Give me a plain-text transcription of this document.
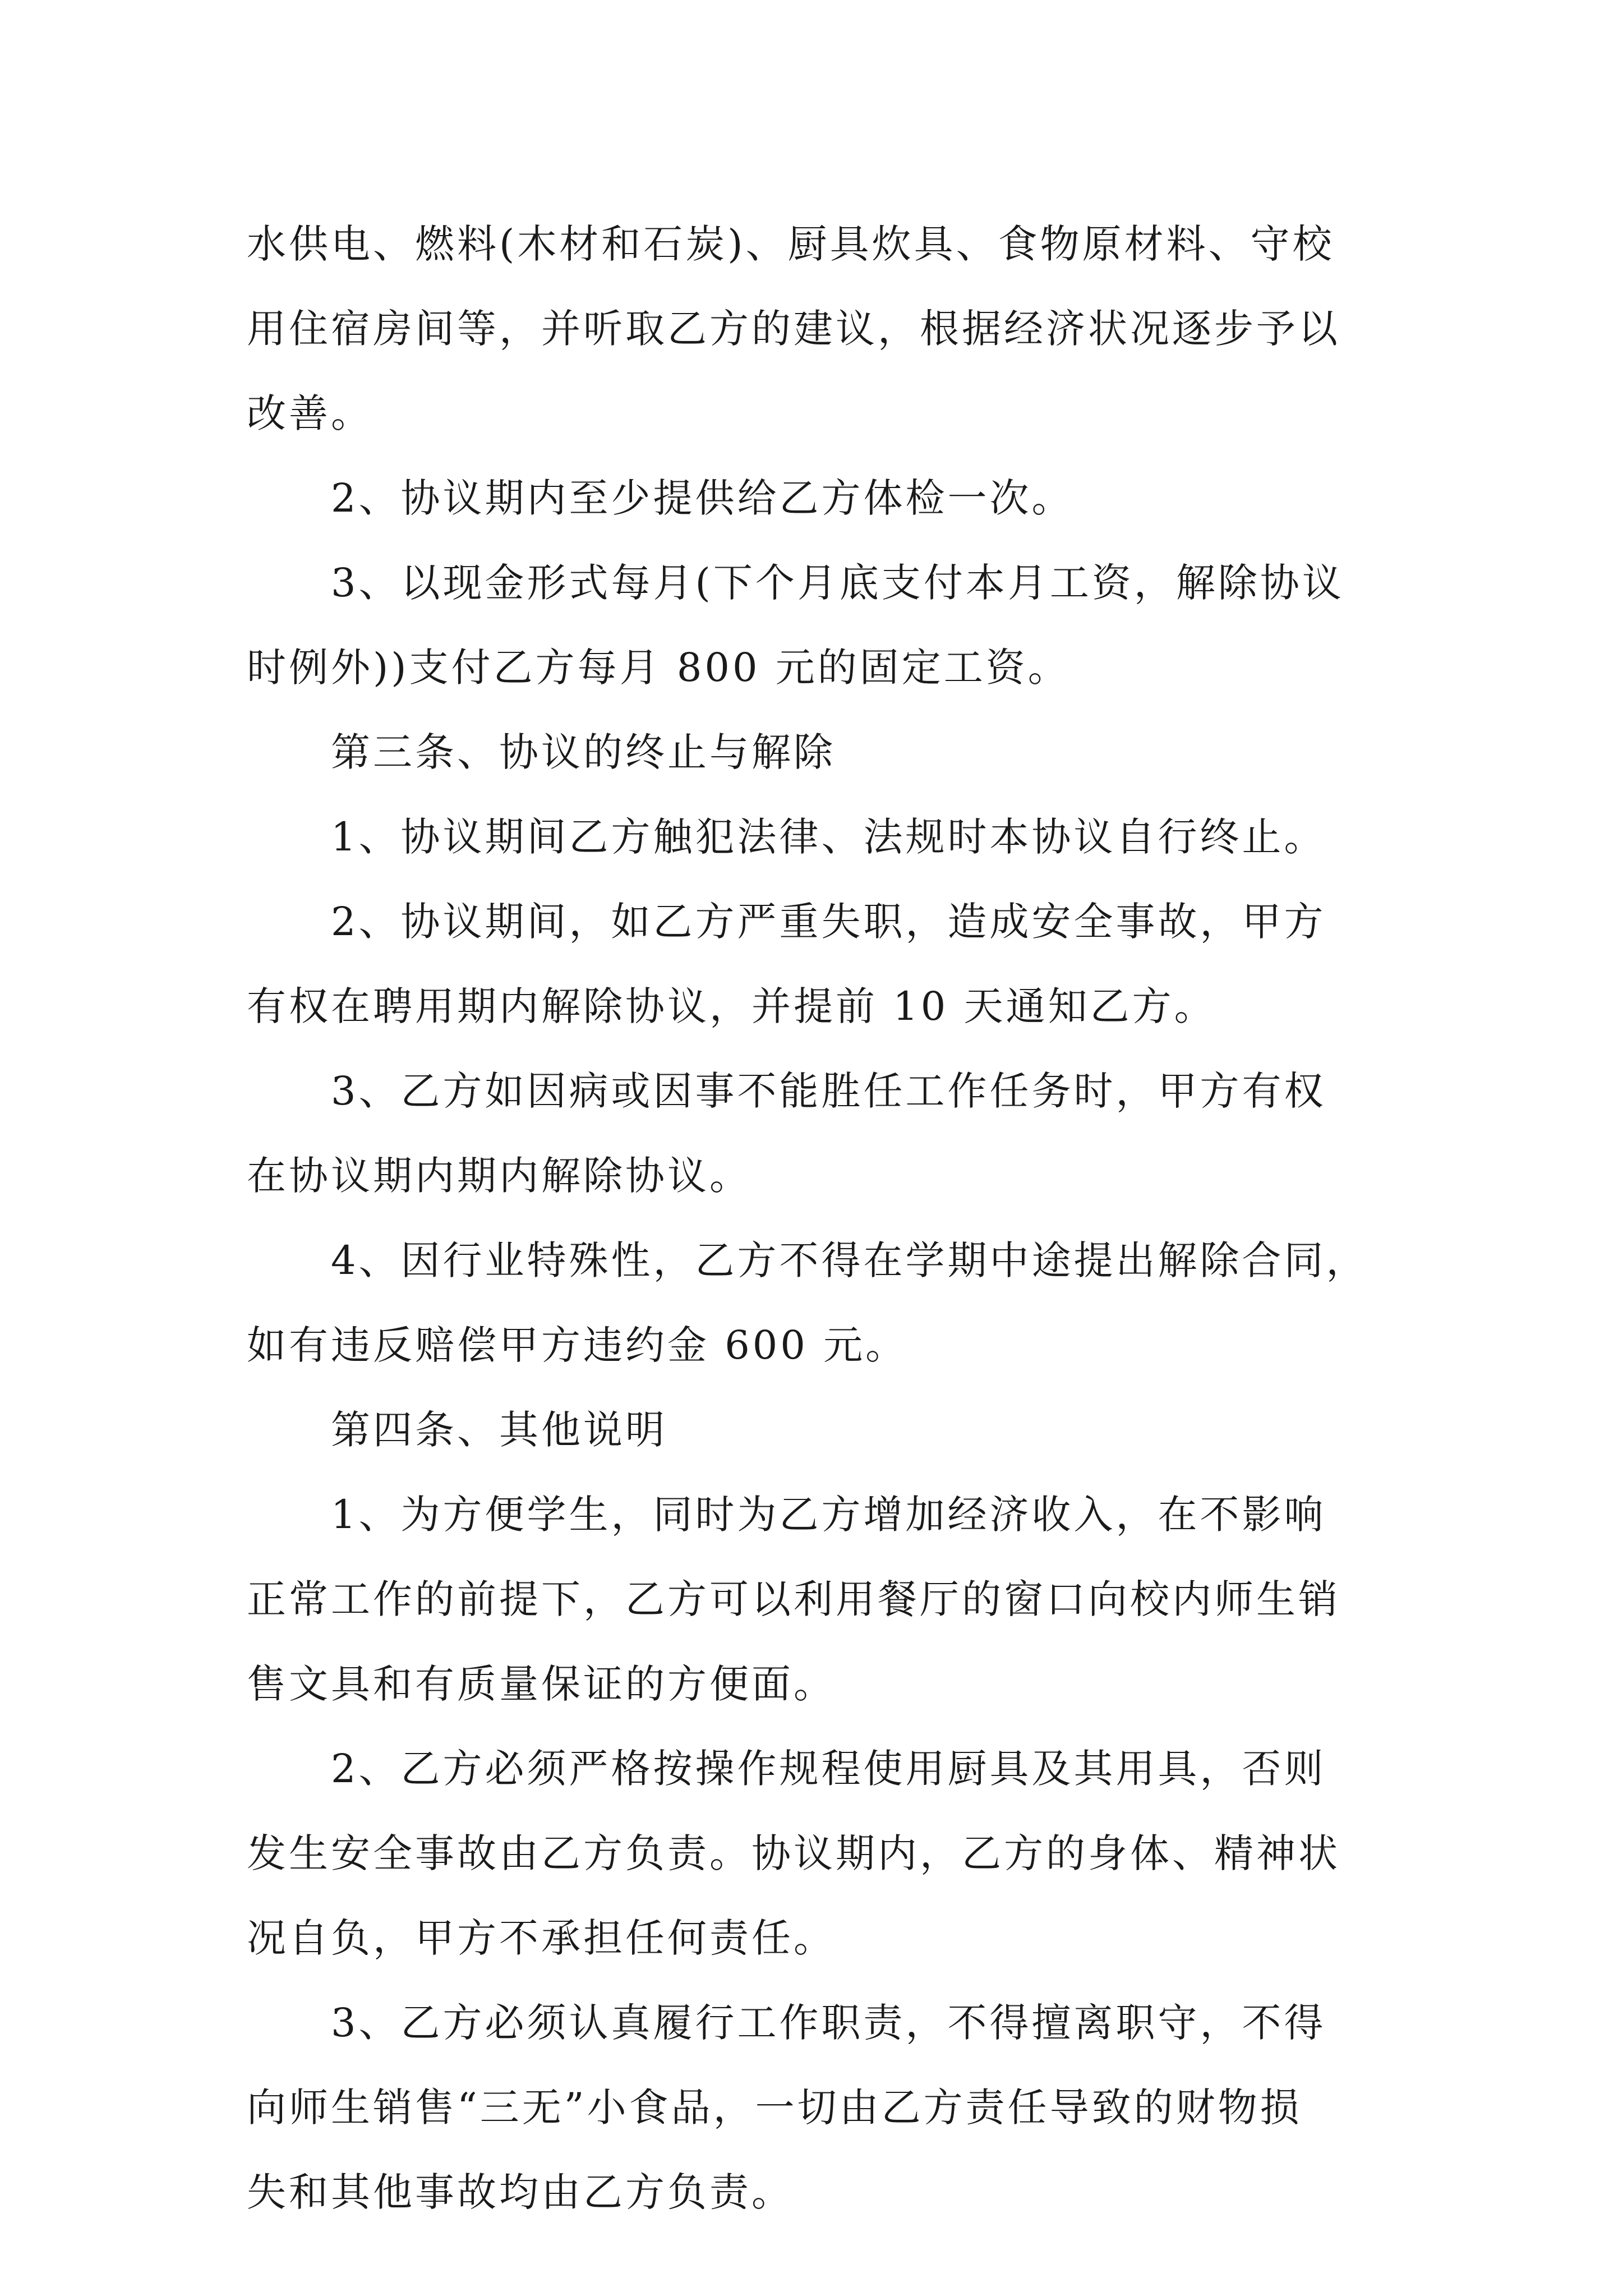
水供电、燃料(木材和石炭)、厨具炊具、食物原材料、守校

用住宿房间等，并听取乙方的建议，根据经济状况逐步予以

改善。

2、协议期内至少提供给乙方体检一次。

3、以现金形式每月(下个月底支付本月工资，解除协议

时例外))支付乙方每月 800 元的固定工资。

第三条、协议的终止与解除

1、协议期间乙方触犯法律、法规时本协议自行终止。

2、协议期间，如乙方严重失职，造成安全事故，甲方

有权在聘用期内解除协议，并提前 10 天通知乙方。

3、乙方如因病或因事不能胜任工作任务时，甲方有权

在协议期内期内解除协议。

4、因行业特殊性，乙方不得在学期中途提出解除合同，

如有违反赔偿甲方违约金 600 元。

第四条、其他说明

1、为方便学生，同时为乙方增加经济收入，在不影响

正常工作的前提下，乙方可以利用餐厅的窗口向校内师生销

售文具和有质量保证的方便面。

2、乙方必须严格按操作规程使用厨具及其用具，否则

发生安全事故由乙方负责。协议期内，乙方的身体、精神状

况自负，甲方不承担任何责任。

3、乙方必须认真履行工作职责，不得擅离职守，不得

向师生销售“三无”小食品，一切由乙方责任导致的财物损

失和其他事故均由乙方负责。
